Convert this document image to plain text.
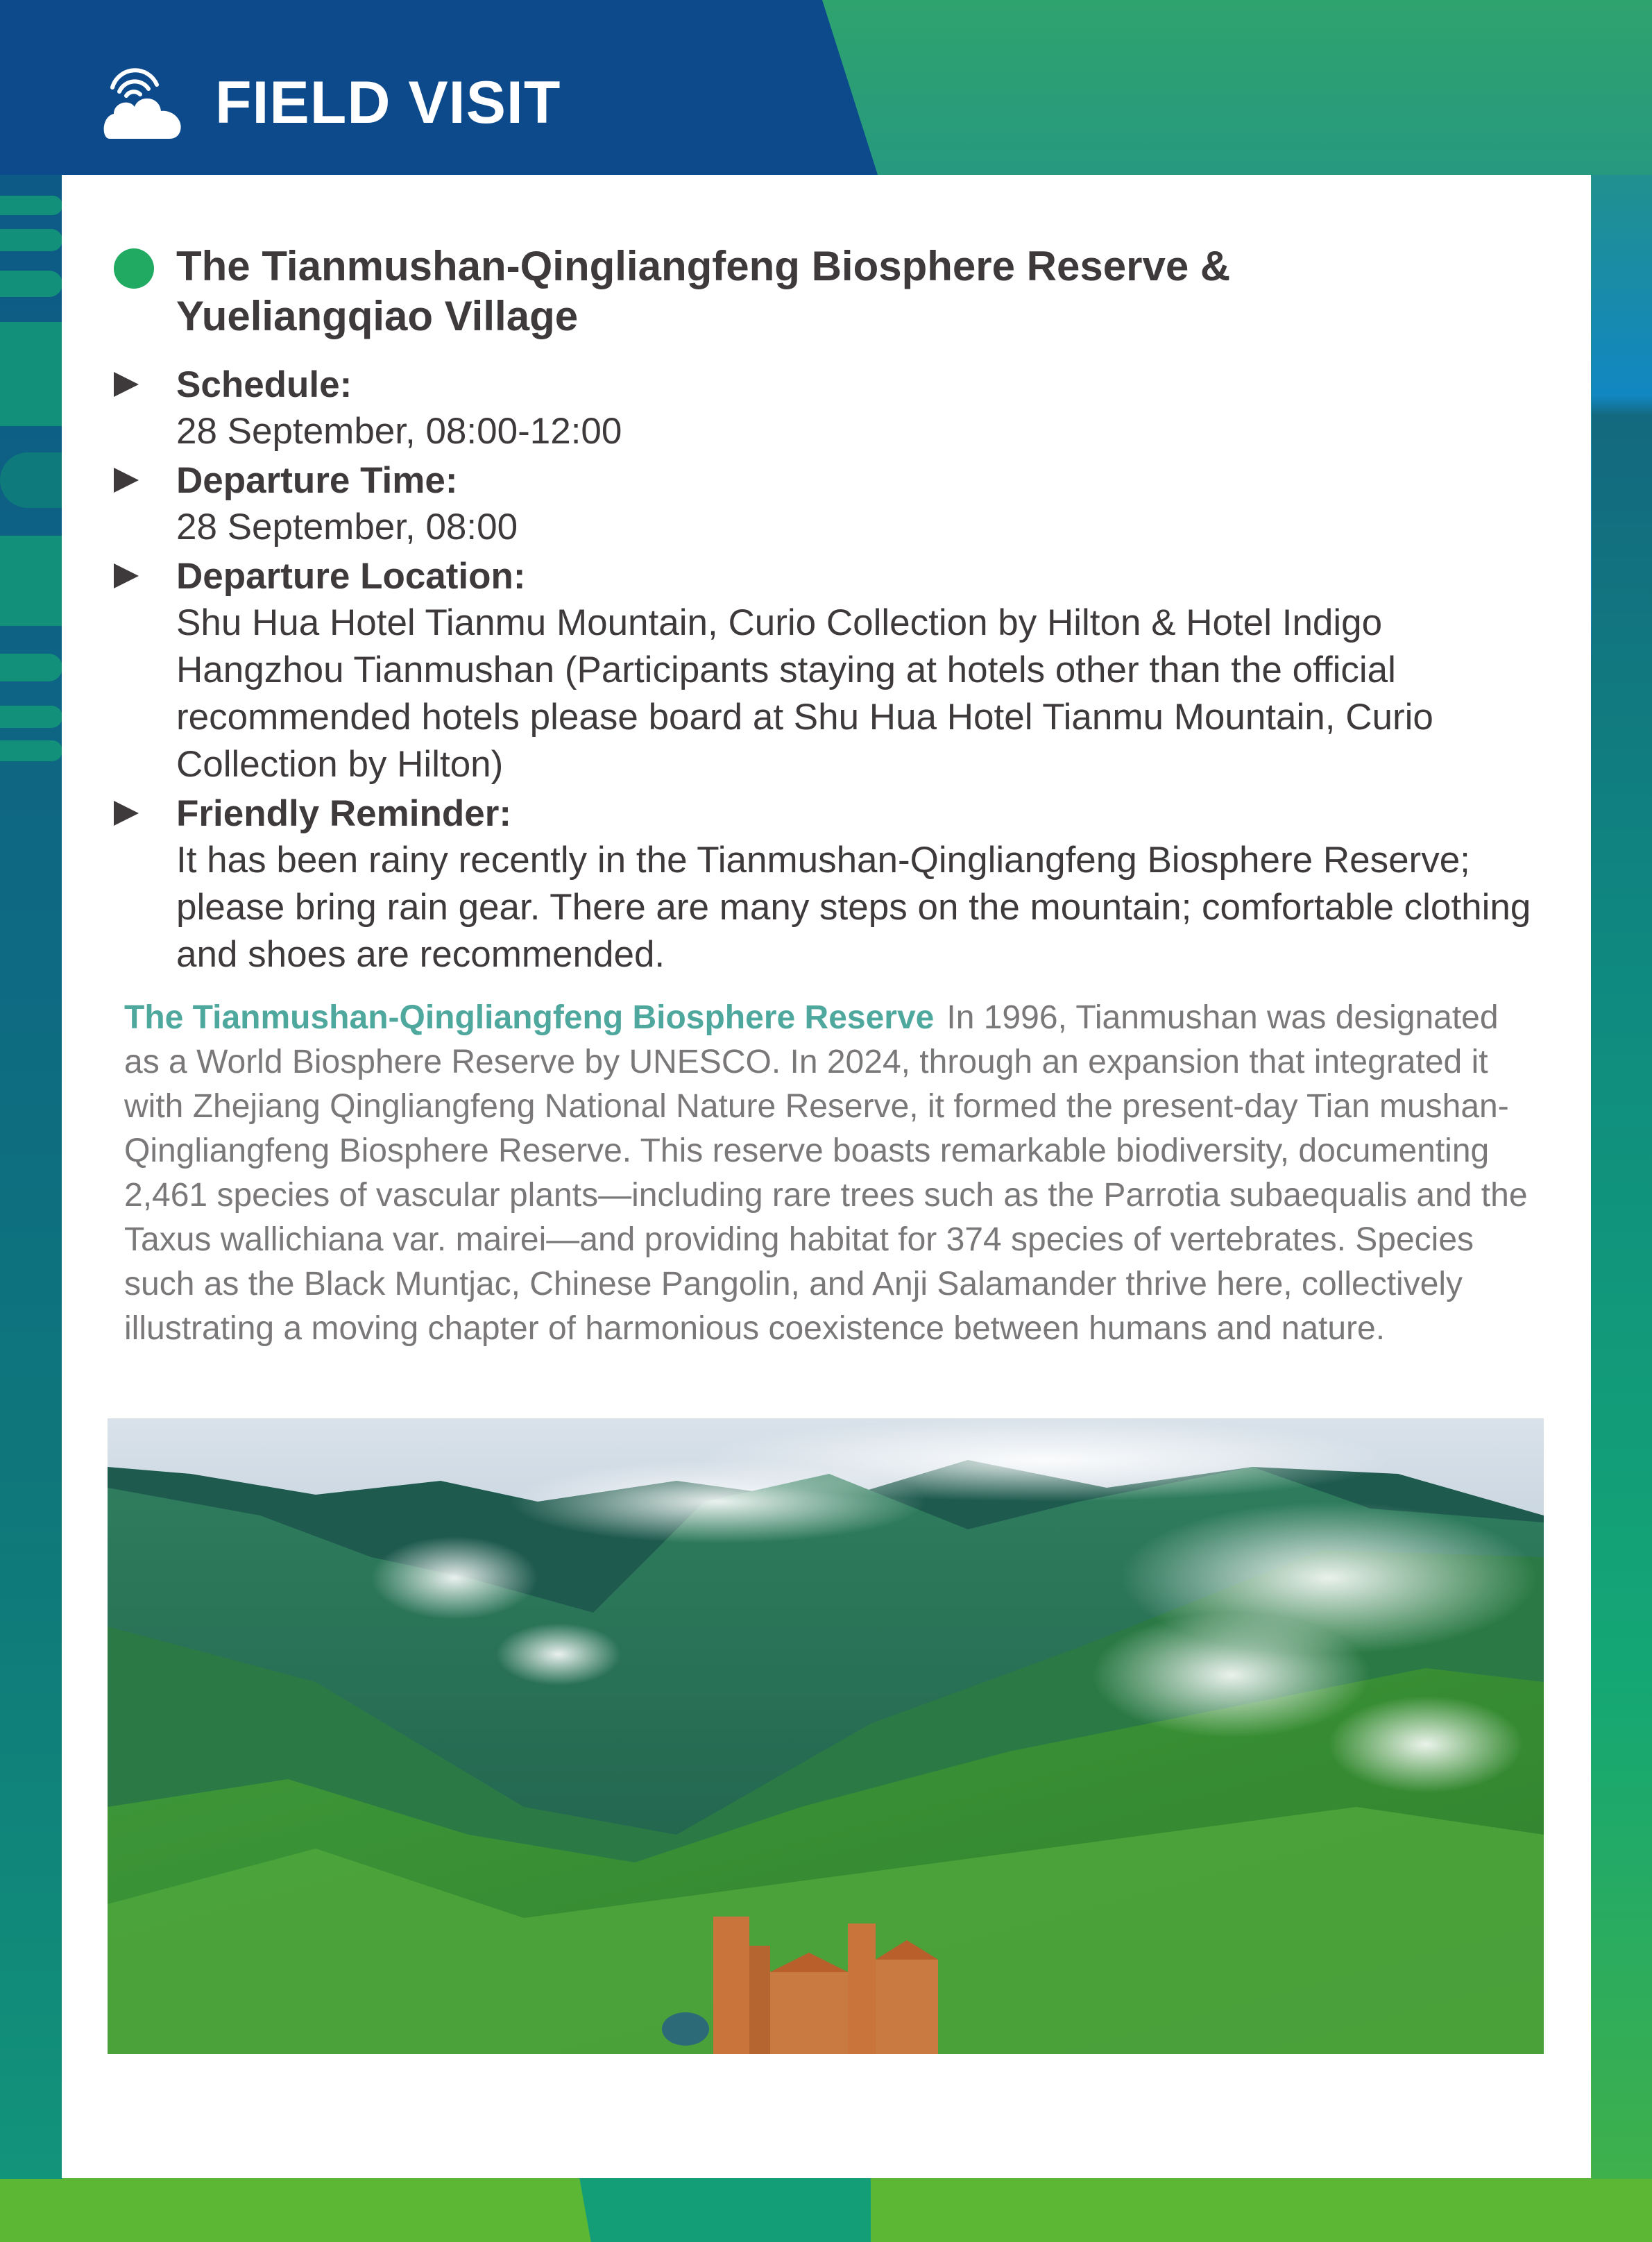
FIELD VISIT
The Tianmushan-Qingliangfeng Biosphere Reserve & Yueliangqiao Village
Schedule:
28 September, 08:00-12:00
Departure Time:
28 September, 08:00
Departure Location:
Shu Hua Hotel Tianmu Mountain, Curio Collection by Hilton & Hotel Indigo Hangzhou Tianmushan (Participants staying at hotels other than the official recommended hotels please board at Shu Hua Hotel Tianmu Mountain, Curio Collection by Hilton)
Friendly Reminder:
It has been rainy recently in the Tianmushan-Qingliangfeng Biosphere Reserve; please bring rain gear. There are many steps on the mountain; comfortable clothing and shoes are recommended.
The Tianmushan-Qingliangfeng Biosphere Reserve In 1996, Tianmushan was designated as a World Biosphere Reserve by UNESCO. In 2024, through an expansion that integrated it with Zhejiang Qingliangfeng National Nature Reserve, it formed the present-day Tian mushan-Qingliangfeng Biosphere Reserve. This reserve boasts remarkable biodiversity, documenting 2,461 species of vascular plants—including rare trees such as the Parrotia subaequalis and the Taxus wallichiana var. mairei—and providing habitat for 374 species of vertebrates. Species such as the Black Muntjac, Chinese Pangolin, and Anji Salamander thrive here, collectively illustrating a moving chapter of harmonious coexistence between humans and nature.
